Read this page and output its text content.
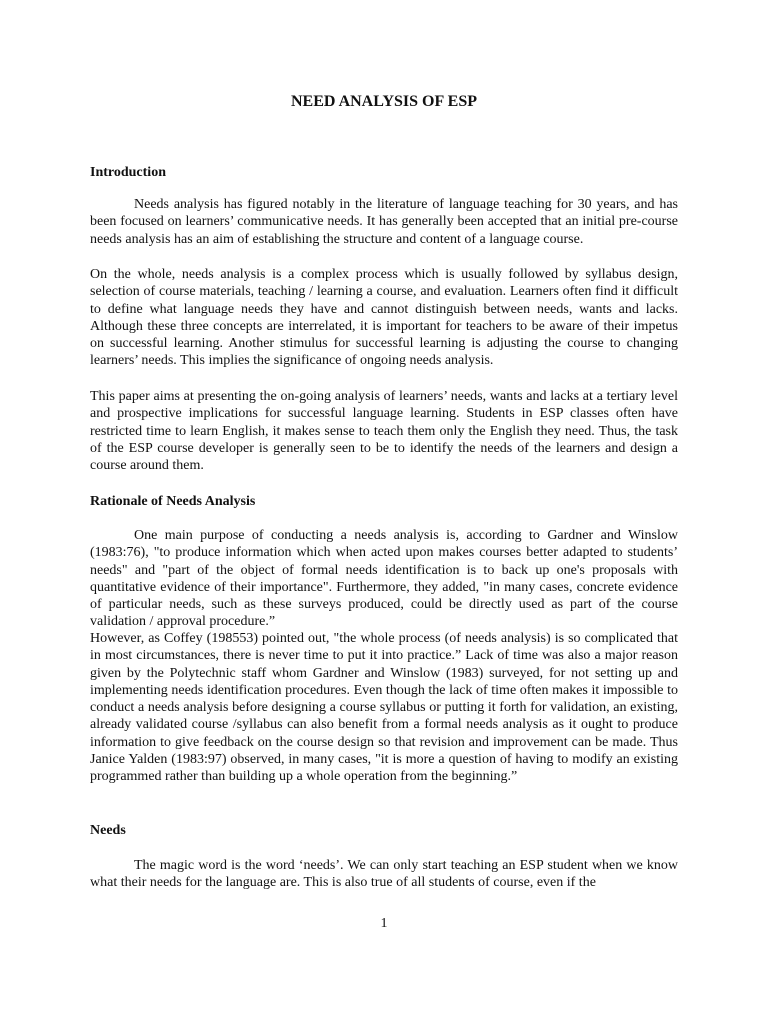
NEED ANALYSIS OF ESP
Introduction

Needs analysis has figured notably in the literature of language teaching for 30 years, and has been focused on learners’ communicative needs. It has generally been accepted that an initial pre-course needs analysis has an aim of establishing the structure and content of a language course.

On the whole, needs analysis is a complex process which is usually followed by syllabus design, selection of course materials, teaching / learning a course, and evaluation. Learners often find it difficult to define what language needs they have and cannot distinguish between needs, wants and lacks. Although these three concepts are interrelated, it is important for teachers to be aware of their impetus on successful learning. Another stimulus for successful learning is adjusting the course to changing learners’ needs. This implies the significance of ongoing needs analysis.

This paper aims at presenting the on-going analysis of learners’ needs, wants and lacks at a tertiary level and prospective implications for successful language learning. Students in ESP classes often have restricted time to learn English, it makes sense to teach them only the English they need. Thus, the task of the ESP course developer is generally seen to be to identify the needs of the learners and design a course around them.

Rationale of Needs Analysis

One main purpose of conducting a needs analysis is, according to Gardner and Winslow (1983:76), "to produce information which when acted upon makes courses better adapted to students’ needs" and "part of the object of formal needs identification is to back up one's proposals with quantitative evidence of their importance". Furthermore, they added, "in many cases, concrete evidence of particular needs, such as these surveys produced, could be directly used as part of the course validation / approval procedure.”

However, as Coffey (198553) pointed out, "the whole process (of needs analysis) is so complicated that in most circumstances, there is never time to put it into practice.” Lack of time was also a major reason given by the Polytechnic staff whom Gardner and Winslow (1983) surveyed, for not setting up and implementing needs identification procedures. Even though the lack of time often makes it impossible to conduct a needs analysis before designing a course syllabus or putting it forth for validation, an existing, already validated course /syllabus can also benefit from a formal needs analysis as it ought to produce information to give feedback on the course design so that revision and improvement can be made. Thus Janice Yalden (1983:97) observed, in many cases, "it is more a question of having to modify an existing programmed rather than building up a whole operation from the beginning.”

Needs

The magic word is the word ‘needs’. We can only start teaching an ESP student when we know what their needs for the language are. This is also true of all students of course, even if the

1
